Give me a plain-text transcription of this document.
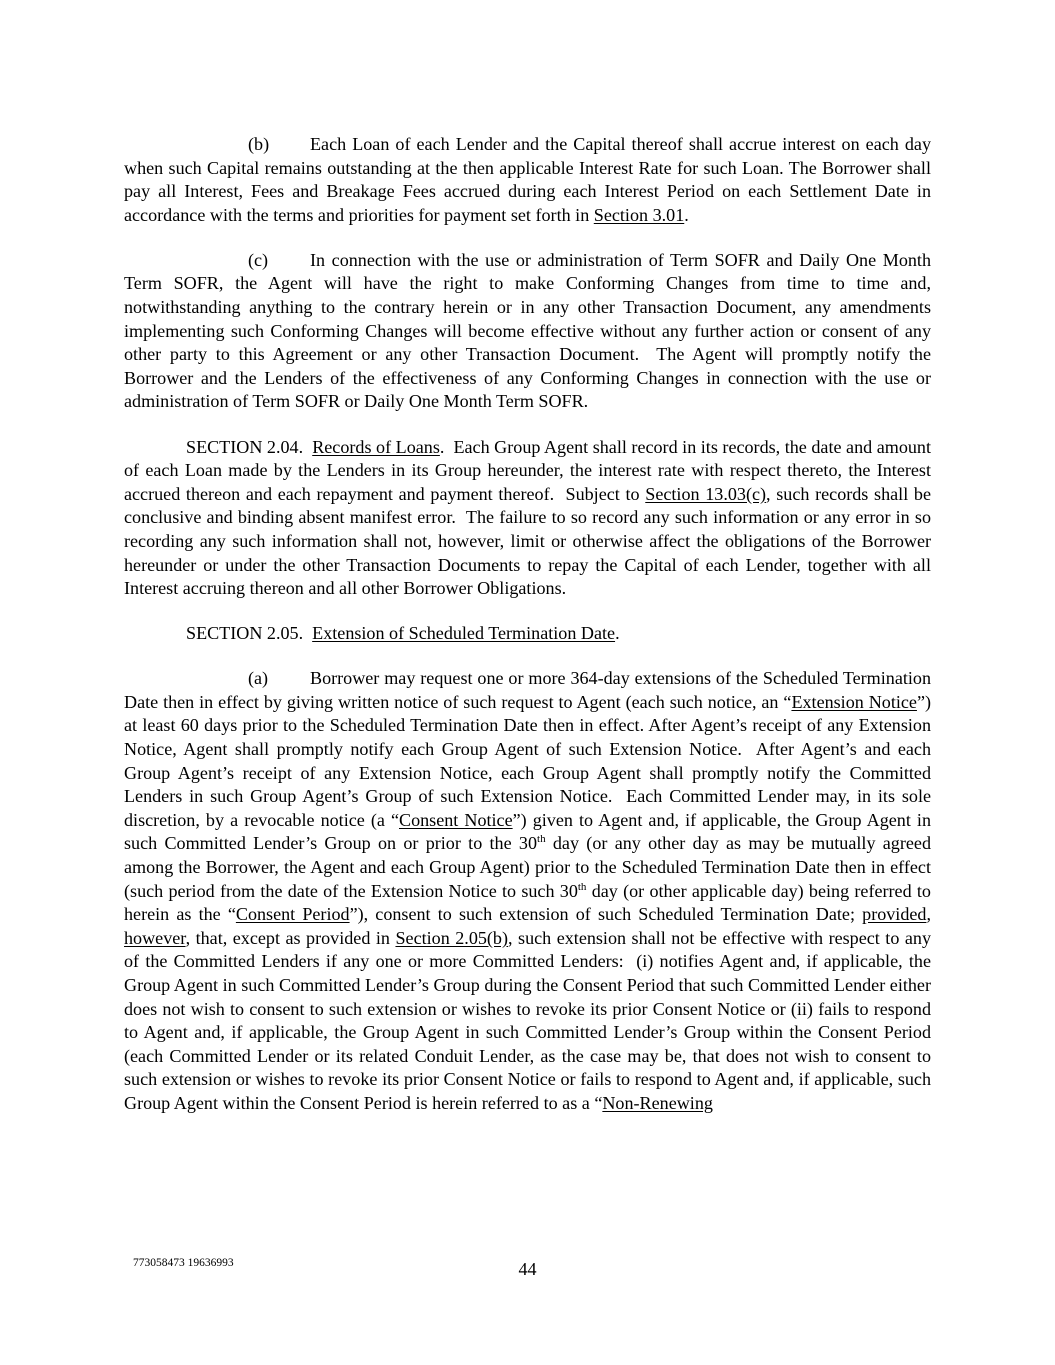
(b) Each Loan of each Lender and the Capital thereof shall accrue interest on each day when such Capital remains outstanding at the then applicable Interest Rate for such Loan. The Borrower shall pay all Interest, Fees and Breakage Fees accrued during each Interest Period on each Settlement Date in accordance with the terms and priorities for payment set forth in Section 3.01.

(c) In connection with the use or administration of Term SOFR and Daily One Month Term SOFR, the Agent will have the right to make Conforming Changes from time to time and, notwithstanding anything to the contrary herein or in any other Transaction Document, any amendments implementing such Conforming Changes will become effective without any further action or consent of any other party to this Agreement or any other Transaction Document.  The Agent will promptly notify the Borrower and the Lenders of the effectiveness of any Conforming Changes in connection with the use or administration of Term SOFR or Daily One Month Term SOFR.

SECTION 2.04.  Records of Loans.  Each Group Agent shall record in its records, the date and amount of each Loan made by the Lenders in its Group hereunder, the interest rate with respect thereto, the Interest accrued thereon and each repayment and payment thereof.  Subject to Section 13.03(c), such records shall be conclusive and binding absent manifest error.  The failure to so record any such information or any error in so recording any such information shall not, however, limit or otherwise affect the obligations of the Borrower hereunder or under the other Transaction Documents to repay the Capital of each Lender, together with all Interest accruing thereon and all other Borrower Obligations.

SECTION 2.05.  Extension of Scheduled Termination Date.

(a) Borrower may request one or more 364-day extensions of the Scheduled Termination Date then in effect by giving written notice of such request to Agent (each such notice, an “Extension Notice”) at least 60 days prior to the Scheduled Termination Date then in effect. After Agent’s receipt of any Extension Notice, Agent shall promptly notify each Group Agent of such Extension Notice.  After Agent’s and each Group Agent’s receipt of any Extension Notice, each Group Agent shall promptly notify the Committed Lenders in such Group Agent’s Group of such Extension Notice.  Each Committed Lender may, in its sole discretion, by a revocable notice (a “Consent Notice”) given to Agent and, if applicable, the Group Agent in such Committed Lender’s Group on or prior to the 30th day (or any other day as may be mutually agreed among the Borrower, the Agent and each Group Agent) prior to the Scheduled Termination Date then in effect (such period from the date of the Extension Notice to such 30th day (or other applicable day) being referred to herein as the “Consent Period”), consent to such extension of such Scheduled Termination Date; provided, however, that, except as provided in Section 2.05(b), such extension shall not be effective with respect to any of the Committed Lenders if any one or more Committed Lenders:  (i) notifies Agent and, if applicable, the Group Agent in such Committed Lender’s Group during the Consent Period that such Committed Lender either does not wish to consent to such extension or wishes to revoke its prior Consent Notice or (ii) fails to respond to Agent and, if applicable, the Group Agent in such Committed Lender’s Group within the Consent Period (each Committed Lender or its related Conduit Lender, as the case may be, that does not wish to consent to such extension or wishes to revoke its prior Consent Notice or fails to respond to Agent and, if applicable, such Group Agent within the Consent Period is herein referred to as a “Non-Renewing

773058473 19636993	44
